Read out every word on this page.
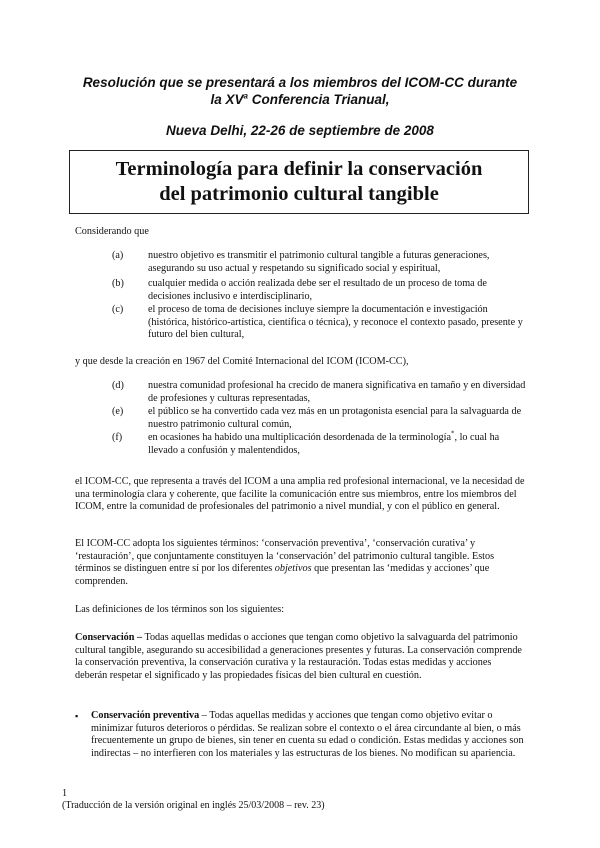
Resolución que se presentará a los miembros del ICOM-CC durante
la $XV^a$ Conferencia Trianual,
Nueva Delhi, 22-26 de septiembre de 2008
Terminología para definir la conservación
del patrimonio cultural tangible
Considerando que
(a) nuestro objetivo es transmitir el patrimonio cultural tangible a futuras generaciones, asegurando su uso actual y respetando su significado social y espiritual,
(b) cualquier medida o acción realizada debe ser el resultado de un proceso de toma de decisiones inclusivo e interdisciplinario,
(c) el proceso de toma de decisiones incluye siempre la documentación e investigación (histórica, histórico-artística, científica o técnica), y reconoce el contexto pasado, presente y futuro del bien cultural,
y que desde la creación en 1967 del Comité Internacional del ICOM (ICOM-CC),
(d) nuestra comunidad profesional ha crecido de manera significativa en tamaño y en diversidad de profesiones y culturas representadas,
(e) el público se ha convertido cada vez más en un protagonista esencial para la salvaguarda de nuestro patrimonio cultural común,
(f)	en ocasiones ha habido una multiplicación desordenada de la terminología*, lo cual ha llevado a confusión y malentendidos,
el ICOM-CC, que representa a través del ICOM a una amplia red profesional internacional, ve la necesidad de una terminología clara y coherente, que facilite la comunicación entre sus miembros, entre los miembros del ICOM, entre la comunidad de profesionales del patrimonio a nivel mundial, y con el público en general.
El ICOM-CC adopta los siguientes términos: ‘conservación preventiva’, ‘conservación curativa’ y ‘restauración’, que conjuntamente constituyen la ‘conservación’ del patrimonio cultural tangible. Estos términos se distinguen entre sí por los diferentes objetivos que presentan las ‘medidas y acciones’ que comprenden.
Las definiciones de los términos son los siguientes:
Conservación – Todas aquellas medidas o acciones que tengan como objetivo la salvaguarda del patrimonio cultural tangible, asegurando su accesibilidad a generaciones presentes y futuras. La conservación comprende la conservación preventiva, la conservación curativa y la restauración. Todas estas medidas y acciones deberán respetar el significado y las propiedades físicas del bien cultural en cuestión.
▪ Conservación preventiva – Todas aquellas medidas y acciones que tengan como objetivo evitar o minimizar futuros deterioros o pérdidas. Se realizan sobre el contexto o el área circundante al bien, o más frecuentemente un grupo de bienes, sin tener en cuenta su edad o condición. Estas medidas y acciones son indirectas – no interfieren con los materiales y las estructuras de los bienes. No modifican su apariencia.
1
(Traducción de la versión original en inglés 25/03/2008 – rev. 23)
